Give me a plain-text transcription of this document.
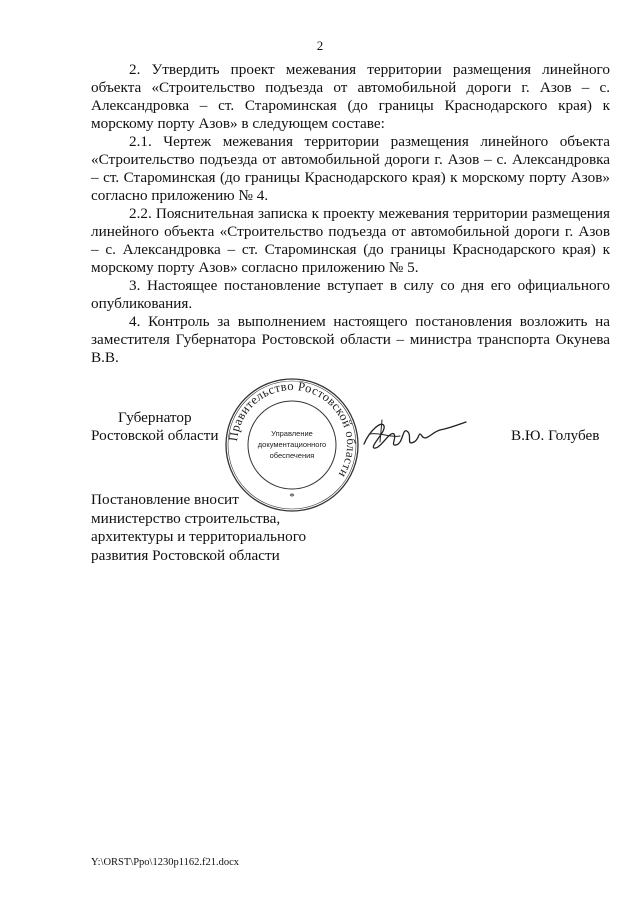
2

2. Утвердить проект межевания территории размещения линейного объекта «Строительство подъезда от автомобильной дороги г. Азов – с. Александровка – ст. Староминская (до границы Краснодарского края) к морскому порту Азов» в следующем составе:

2.1. Чертеж межевания территории размещения линейного объекта «Строительство подъезда от автомобильной дороги г. Азов – с. Александровка – ст. Староминская (до границы Краснодарского края) к морскому порту Азов» согласно приложению № 4.

2.2. Пояснительная записка к проекту межевания территории размещения линейного объекта «Строительство подъезда от автомобильной дороги г. Азов – с. Александровка – ст. Староминская (до границы Краснодарского края) к морскому порту Азов» согласно приложению № 5.

3. Настоящее постановление вступает в силу со дня его официального опубликования.

4. Контроль за выполнением настоящего постановления возложить на заместителя Губернатора Ростовской области – министра транспорта Окунева В.В.

Губернатор
Ростовской области Правительство Ростовской области
Управление
документационного
обеспечения
*
В.Ю. Голубев
Постановление вносит
министерство строительства,
архитектуры и территориального
развития Ростовской области
Y:\ORST\Ppo\1230p1162.f21.docx
